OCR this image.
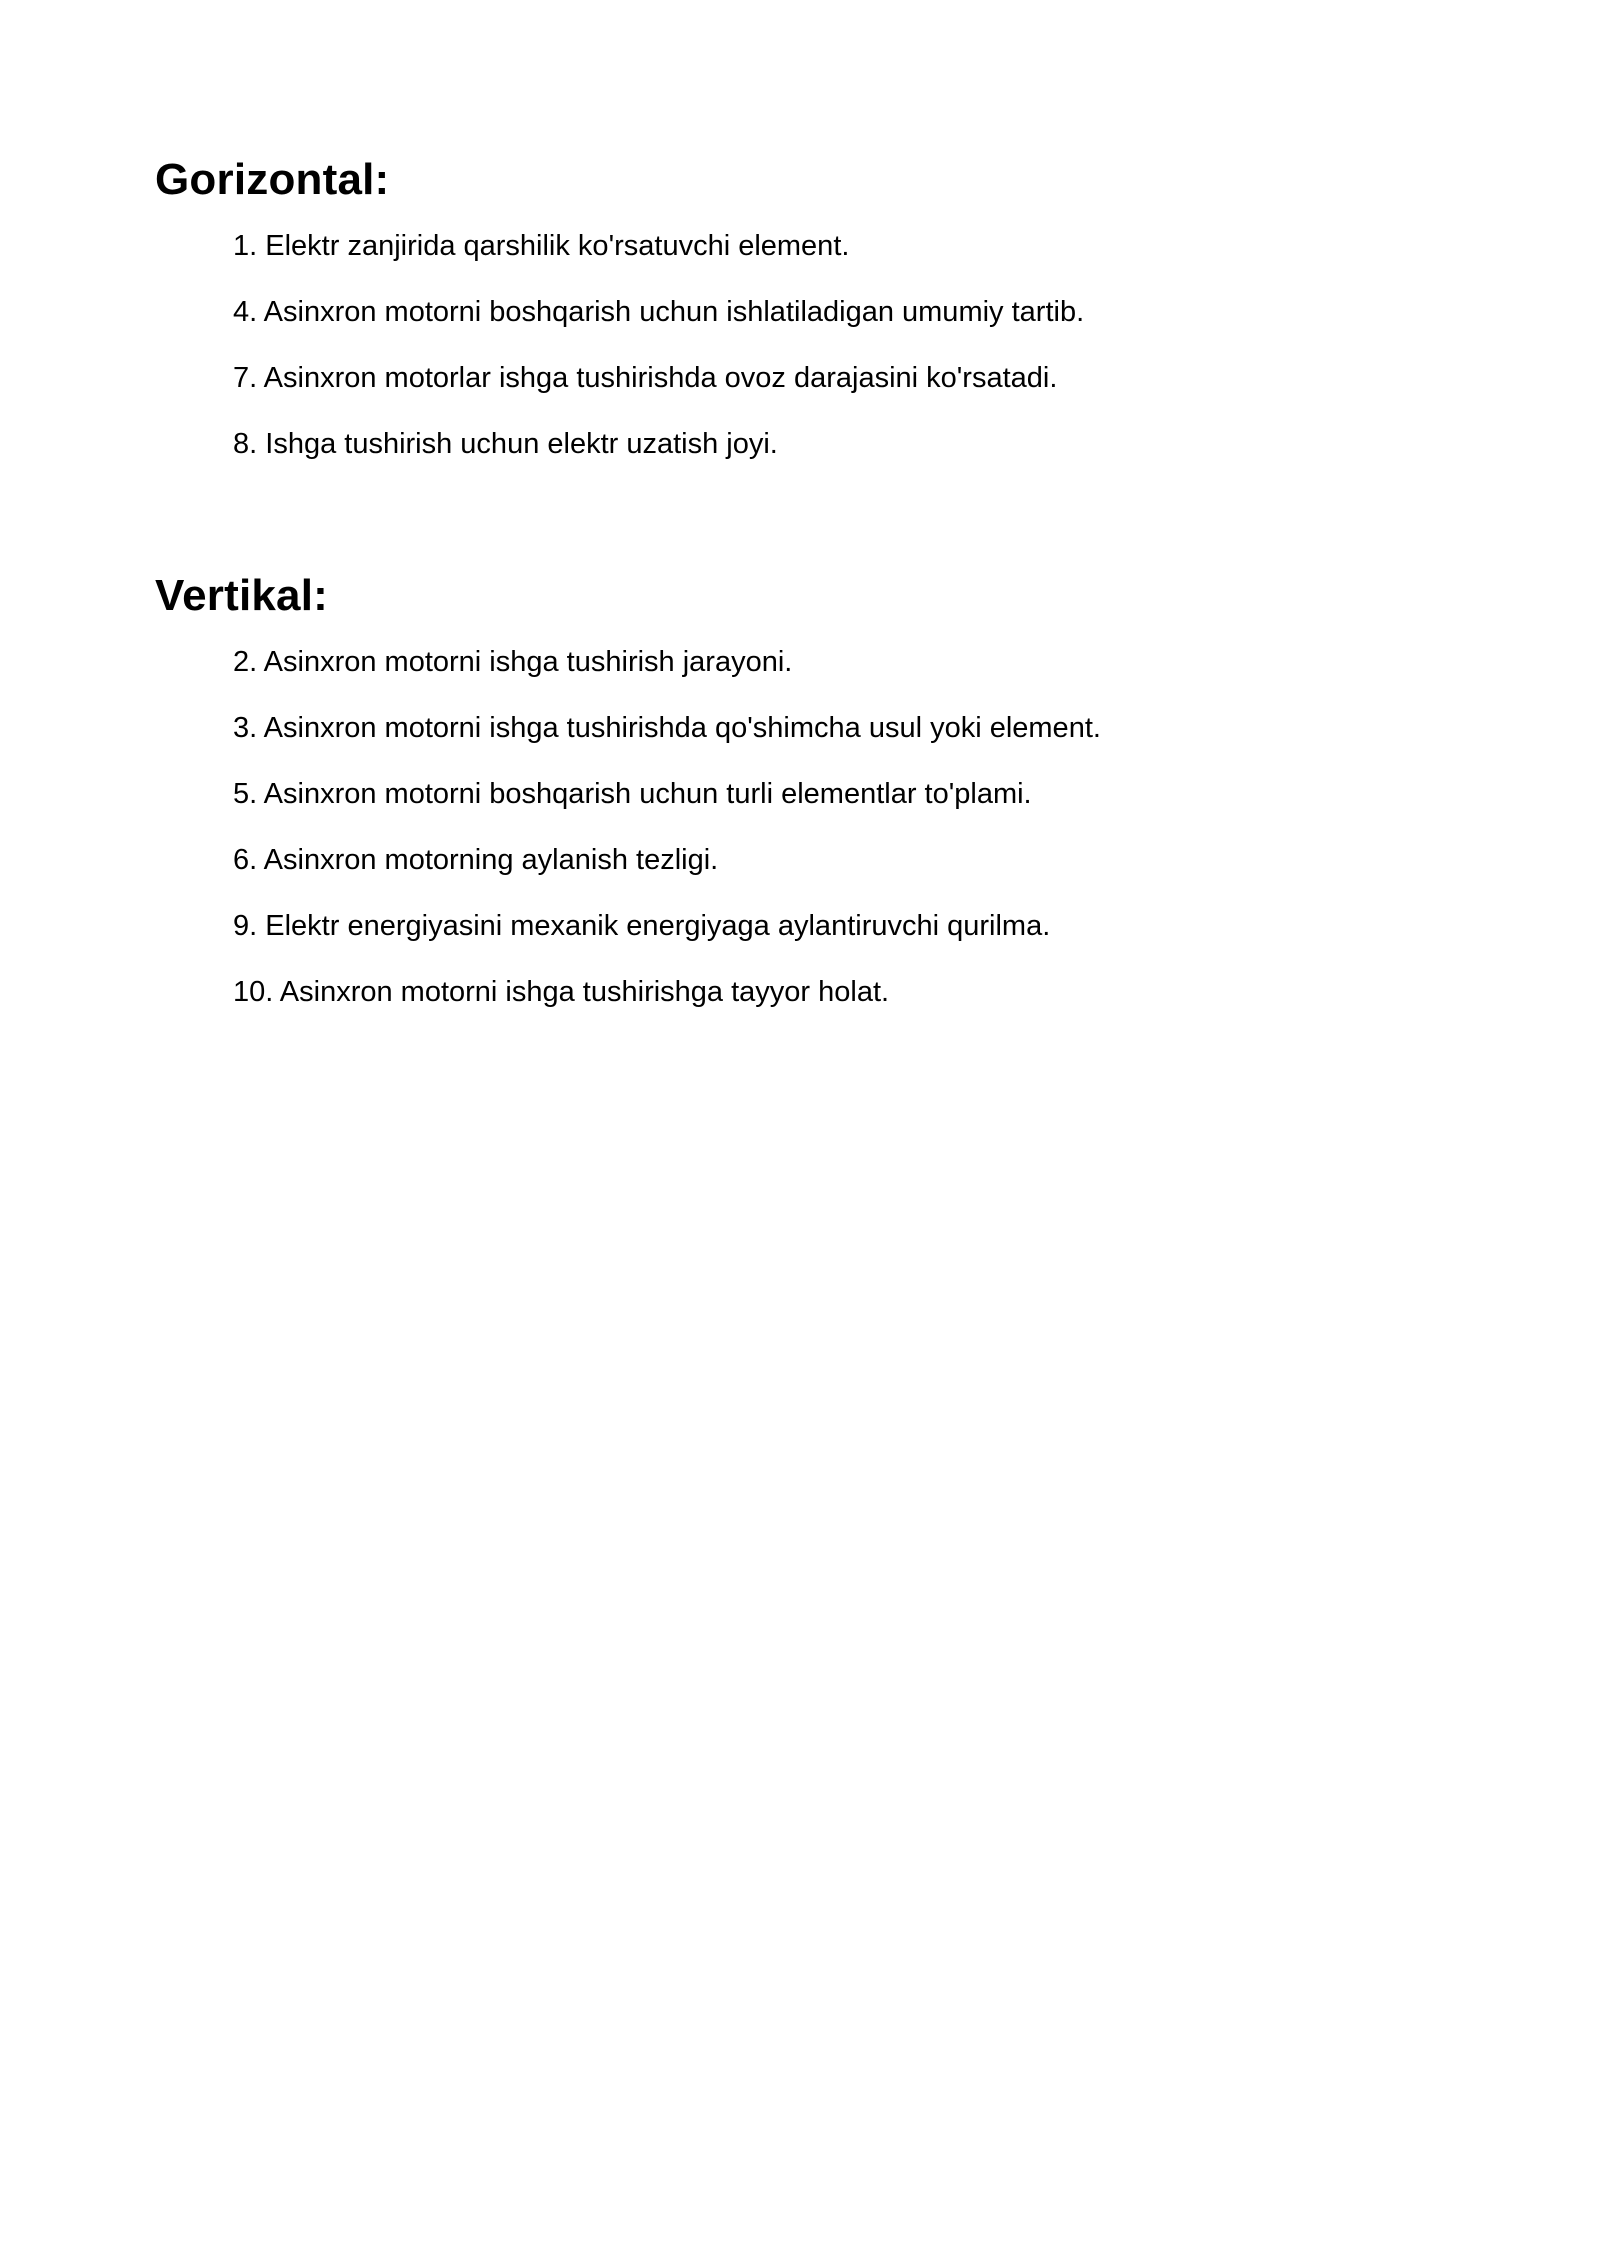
Gorizontal:
1 . Elektr zanjirida qarshilik ko'rsatuvchi element.
4 . Asinxron motorni boshqarish uchun ishlatiladigan umumiy tartib.
7 . Asinxron motorlar ishga tushirishda ovoz darajasini ko'rsatadi.
8 . Ishga tushirish uchun elektr uzatish joyi.
Vertikal:
2 . Asinxron motorni ishga tushirish jarayoni.
3 . Asinxron motorni ishga tushirishda qo'shimcha usul yoki element.
5 . Asinxron motorni boshqarish uchun turli elementlar to'plami.
6 . Asinxron motorning aylanish tezligi.
9 . Elektr energiyasini mexanik energiyaga aylantiruvchi qurilma.
10 . Asinxron motorni ishga tushirishga tayyor holat.
